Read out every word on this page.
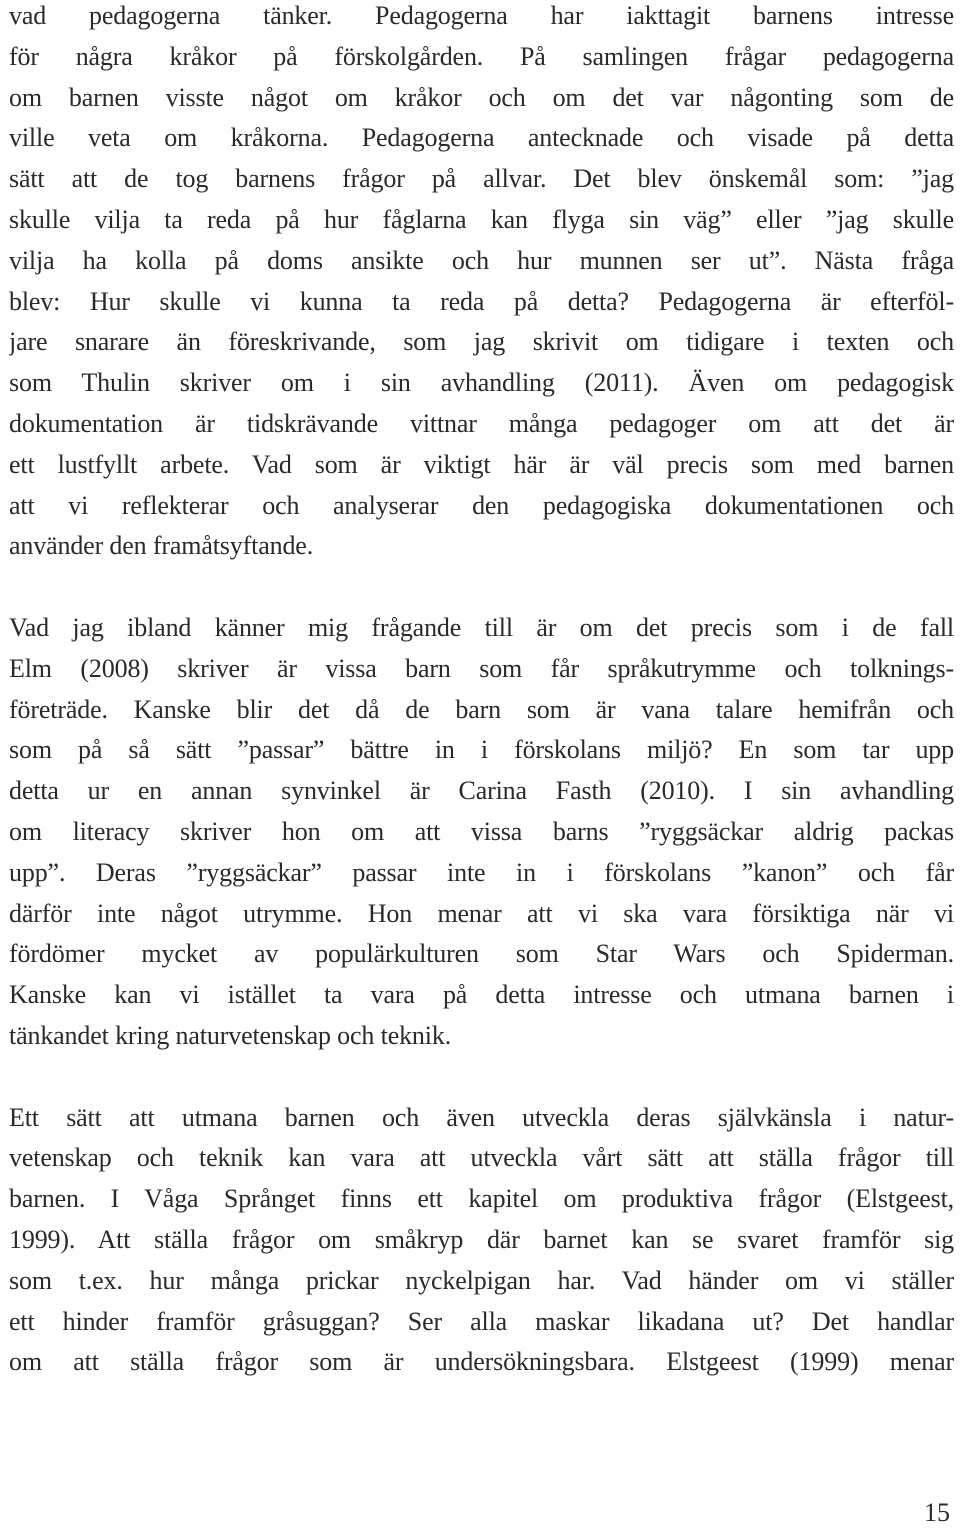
vad pedagogerna tänker. Pedagogerna har iakttagit barnens intresse
för några kråkor på förskolgården. På samlingen frågar pedagogerna
om barnen visste något om kråkor och om det var någonting som de
ville veta om kråkorna. Pedagogerna antecknade och visade på detta
sätt att de tog barnens frågor på allvar. Det blev önskemål som: ”jag
skulle vilja ta reda på hur fåglarna kan flyga sin väg” eller ”jag skulle
vilja ha kolla på doms ansikte och hur munnen ser ut”. Nästa fråga
blev: Hur skulle vi kunna ta reda på detta? Pedagogerna är efterföl-
jare snarare än föreskrivande, som jag skrivit om tidigare i texten och
som Thulin skriver om i sin avhandling (2011). Även om pedagogisk
dokumentation är tidskrävande vittnar många pedagoger om att det är
ett lustfyllt arbete. Vad som är viktigt här är väl precis som med barnen
att vi reflekterar och analyserar den pedagogiska dokumentationen och
använder den framåtsyftande.
Vad jag ibland känner mig frågande till är om det precis som i de fall
Elm (2008) skriver är vissa barn som får språkutrymme och tolknings-
företräde. Kanske blir det då de barn som är vana talare hemifrån och
som på så sätt ”passar” bättre in i förskolans miljö? En som tar upp
detta ur en annan synvinkel är Carina Fasth (2010). I sin avhandling
om literacy skriver hon om att vissa barns ”ryggsäckar aldrig packas
upp”. Deras ”ryggsäckar” passar inte in i förskolans ”kanon” och får
därför inte något utrymme. Hon menar att vi ska vara försiktiga när vi
fördömer mycket av populärkulturen som Star Wars och Spiderman.
Kanske kan vi istället ta vara på detta intresse och utmana barnen i
tänkandet kring naturvetenskap och teknik.
Ett sätt att utmana barnen och även utveckla deras självkänsla i natur-
vetenskap och teknik kan vara att utveckla vårt sätt att ställa frågor till
barnen. I Våga Språnget finns ett kapitel om produktiva frågor (Elstgeest,
1999). Att ställa frågor om småkryp där barnet kan se svaret framför sig
som t.ex. hur många prickar nyckelpigan har. Vad händer om vi ställer
ett hinder framför gråsuggan? Ser alla maskar likadana ut? Det handlar
om att ställa frågor som är undersökningsbara. Elstgeest (1999) menar
15
